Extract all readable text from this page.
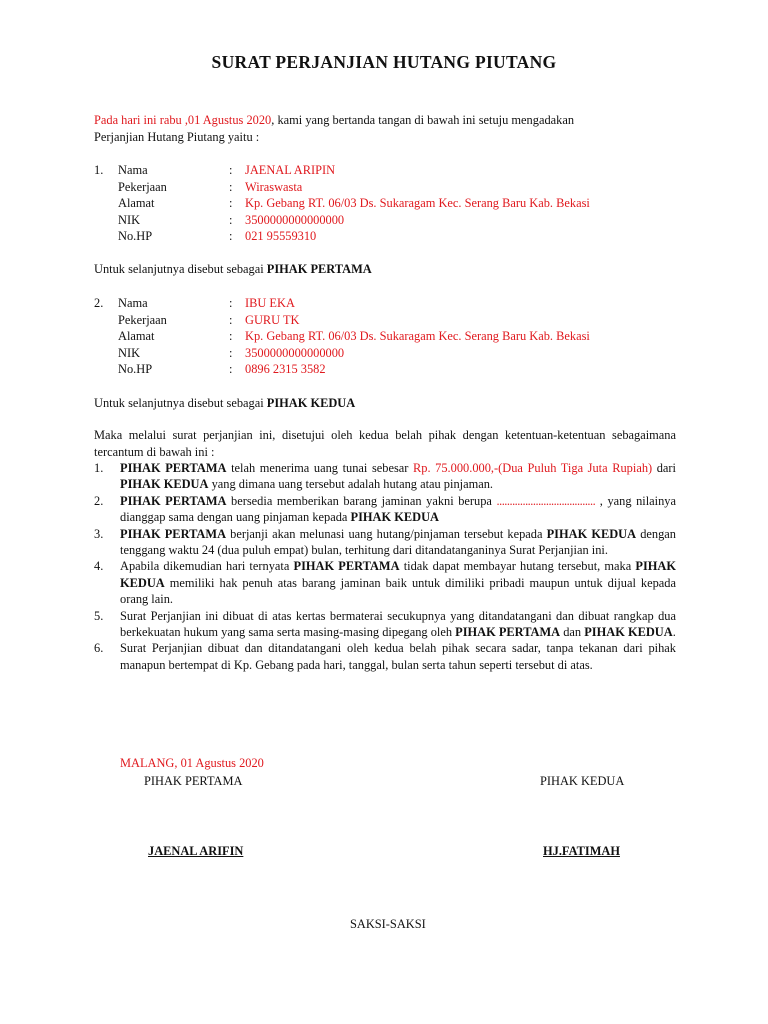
SURAT PERJANJIAN HUTANG PIUTANG
Pada hari ini rabu ,01 Agustus 2020, kami yang bertanda tangan di bawah ini setuju mengadakan
Perjanjian Hutang Piutang yaitu :
1. Nama	: JAENAL ARIPIN
Pekerjaan	: Wiraswasta
Alamat	: Kp. Gebang RT. 06/03 Ds. Sukaragam Kec. Serang Baru Kab. Bekasi
NIK	: 3500000000000000
No.HP	: 021 95559310
Untuk selanjutnya disebut sebagai PIHAK PERTAMA
2. Nama	: IBU EKA
Pekerjaan	: GURU TK
Alamat	: Kp. Gebang RT. 06/03 Ds. Sukaragam Kec. Serang Baru Kab. Bekasi
NIK	: 3500000000000000
No.HP	: 0896 2315 3582
Untuk selanjutnya disebut sebagai PIHAK KEDUA
Maka melalui surat perjanjian ini, disetujui oleh kedua belah pihak dengan ketentuan-ketentuan sebagaimana tercantum di bawah ini :

1. PIHAK PERTAMA telah menerima uang tunai sebesar Rp. 75.000.000,-(Dua Puluh Tiga Juta Rupiah) dari PIHAK KEDUA yang dimana uang tersebut adalah hutang atau pinjaman.

2. PIHAK PERTAMA bersedia memberikan barang jaminan yakni berupa ...................................... , yang nilainya dianggap sama dengan uang pinjaman kepada PIHAK KEDUA

3. PIHAK PERTAMA berjanji akan melunasi uang hutang/pinjaman tersebut kepada PIHAK KEDUA dengan tenggang waktu 24 (dua puluh empat) bulan, terhitung dari ditandatanganinya Surat Perjanjian ini.

4. Apabila dikemudian hari ternyata PIHAK PERTAMA tidak dapat membayar hutang tersebut, maka PIHAK KEDUA memiliki hak penuh atas barang jaminan baik untuk dimiliki pribadi maupun untuk dijual kepada orang lain.

5. Surat Perjanjian ini dibuat di atas kertas bermaterai secukupnya yang ditandatangani dan dibuat rangkap dua berkekuatan hukum yang sama serta masing-masing dipegang oleh PIHAK PERTAMA dan PIHAK KEDUA.

6. Surat Perjanjian dibuat dan ditandatangani oleh kedua belah pihak secara sadar, tanpa tekanan dari pihak manapun bertempat di Kp. Gebang pada hari, tanggal, bulan serta tahun seperti tersebut di atas.

MALANG, 01 Agustus 2020
PIHAK PERTAMA	PIHAK KEDUA
JAENAL ARIFIN	HJ.FATIMAH
SAKSI-SAKSI
